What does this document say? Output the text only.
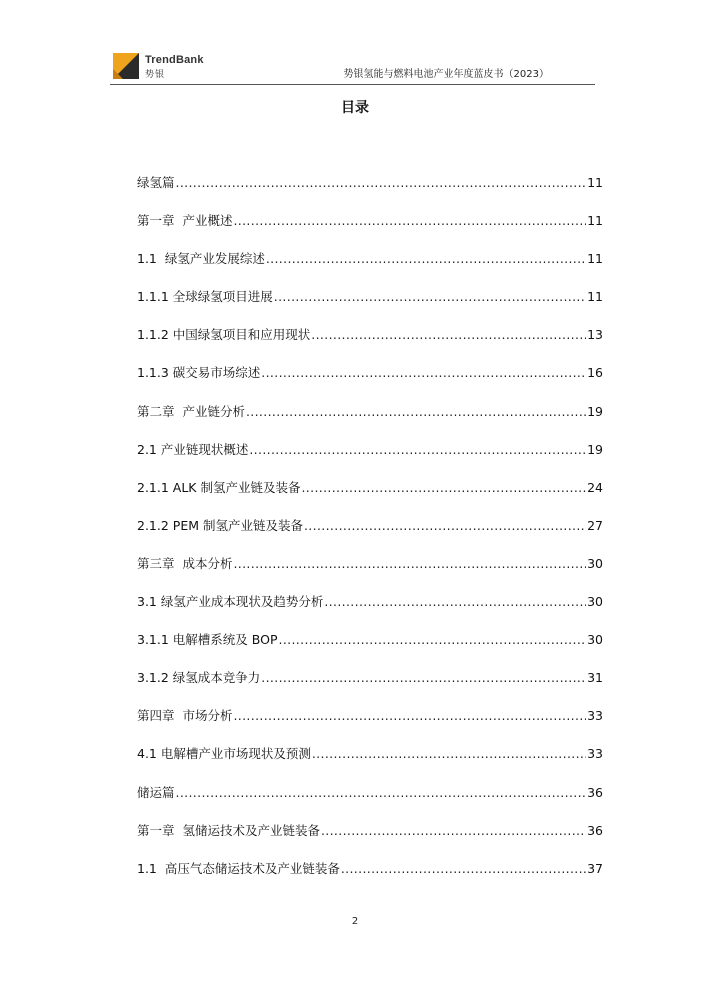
TrendBank
势银	势银氢能与燃料电池产业年度蓝皮书（2023）
目录
绿氢篇 .....	11
第一章  产业概述 .....	11
1.1  绿氢产业发展综述 .....	11
1.1.1 全球绿氢项目进展 .....	11
1.1.2 中国绿氢项目和应用现状 .....	13
1.1.3 碳交易市场综述 .....	16
第二章  产业链分析 .....	19
2.1 产业链现状概述 .....	19
2.1.1 ALK 制氢产业链及装备 .....	24
2.1.2 PEM 制氢产业链及装备 .....	27
第三章  成本分析 .....	30
3.1 绿氢产业成本现状及趋势分析 .....	30
3.1.1 电解槽系统及 BOP .....	30
3.1.2 绿氢成本竞争力 .....	31
第四章  市场分析 .....	33
4.1 电解槽产业市场现状及预测 .....	33
储运篇 .....	36
第一章  氢储运技术及产业链装备 .....	36
1.1  高压气态储运技术及产业链装备 .....	37
2
